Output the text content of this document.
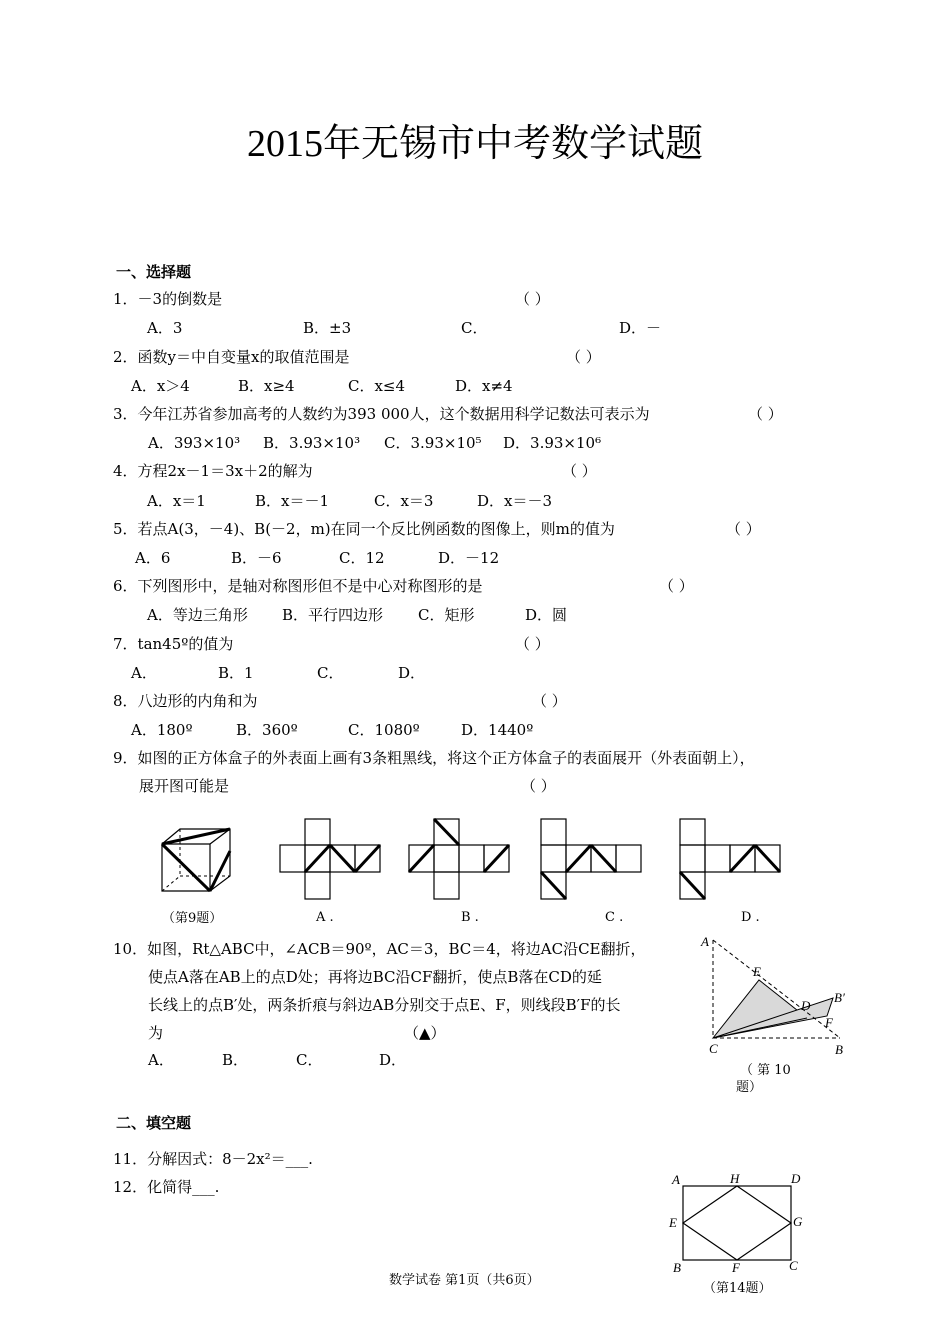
2015年无锡市中考数学试题
一、选择题
1．－3的倒数是	（ ）
A．3	B．±3	C．	D．－
2．函数y＝中自变量x的取值范围是	（ ）
A．x＞4	B．x≥4	C．x≤4	D．x≠4
3．今年江苏省参加高考的人数约为393 000人，这个数据用科学记数法可表示为	（ ）
A．393×10³ B．3.93×10³ C．3.93×10⁵ D．3.93×10⁶
4．方程2x－1＝3x＋2的解为	（ ）
A．x＝1	B．x＝－1	C．x＝3	D．x＝－3
5．若点A(3，－4)、B(－2，m)在同一个反比例函数的图像上，则m的值为	（ ）
A．6	B．－6	C．12	D．－12
6．下列图形中，是轴对称图形但不是中心对称图形的是	（ ）
A．等边三角形 B．平行四边形 C．矩形	D．圆
7．tan45º的值为	（ ）
A．	B．1	C．	D．
8．八边形的内角和为	（ ）
A．180º	B．360º	C．1080º	D．1440º
9．如图的正方体盒子的外表面上画有3条粗黑线，将这个正方体盒子的表面展开（外表面朝上），
展开图可能是	（ ）
（第9题）	A .	B .	C .	D .
10．如图，Rt△ABC中，∠ACB＝90º，AC＝3，BC＝4，将边AC沿CE翻折，
使点A落在AB上的点D处；再将边BC沿CF翻折，使点B落在CD的延
长线上的点B′处，两条折痕与斜边AB分别交于点E、F，则线段B′F的长
为	（▲）
A．	B．	C．	D．
A
E
D
B′
F
C	B
（ 第 10
题）
二、填空题
11．分解因式：8－2x²＝___.
12．化简得___.	A	H	D
E	G
B	F	C
（第14题）
数学试卷 第1页（共6页）
